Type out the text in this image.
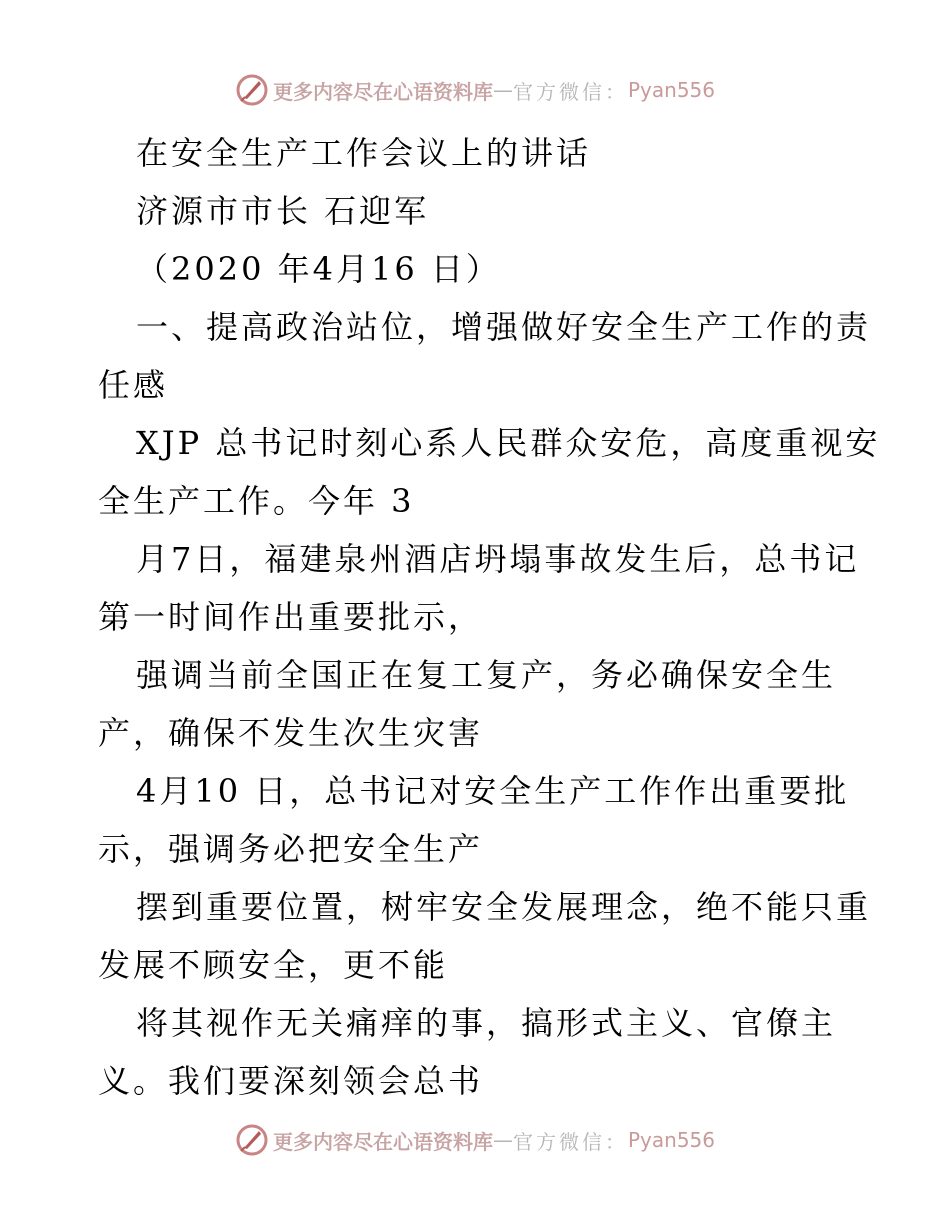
更多内容尽在心语资料库 — 官方微信： Pyan556
在安全生产工作会议上的讲话
济源市市长 石迎军
（2020 年4月16 日）
一、提高政治站位，增强做好安全生产工作的责
任感
XJP 总书记时刻心系人民群众安危，高度重视安
全生产工作。今年 3
月7日，福建泉州酒店坍塌事故发生后，总书记
第一时间作出重要批示，
强调当前全国正在复工复产，务必确保安全生
产，确保不发生次生灾害
4月10 日，总书记对安全生产工作作出重要批
示，强调务必把安全生产
摆到重要位置，树牢安全发展理念，绝不能只重
发展不顾安全，更不能
将其视作无关痛痒的事，搞形式主义、官僚主
义。我们要深刻领会总书
更多内容尽在心语资料库 — 官方微信： Pyan556
